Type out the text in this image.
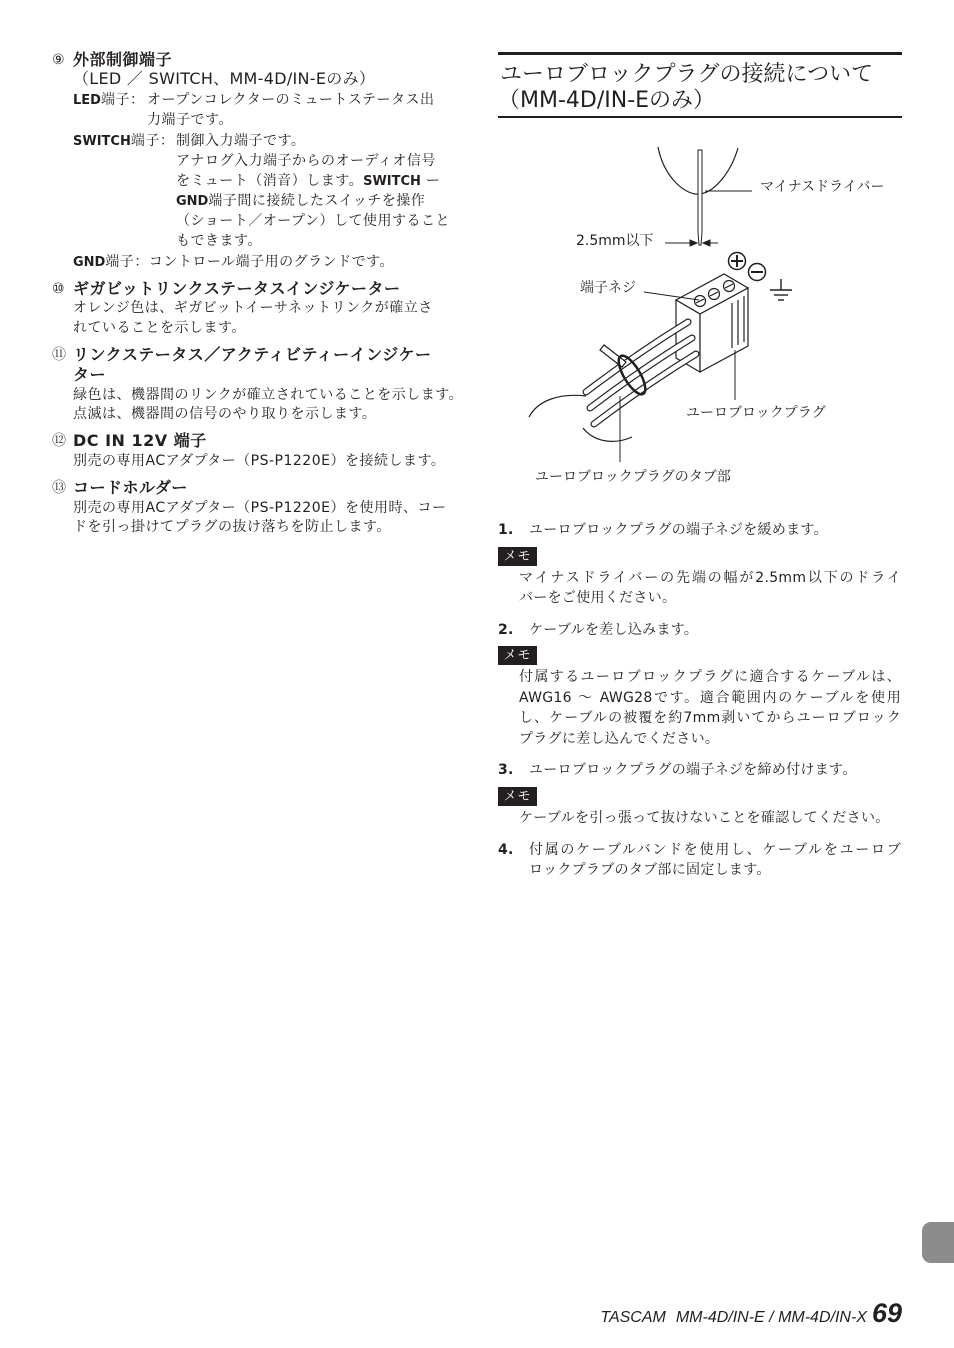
⑨ 外部制御端子
（LED ／ SWITCH、MM-4D/IN-Eのみ）
LED端子： オープンコレクターのミュートステータス出
力端子です。
SWITCH端子： 制御入力端子です。
アナログ入力端子からのオーディオ信号
をミュート（消音）します。SWITCH ー
GND端子間に接続したスイッチを操作
（ショート／オープン）して使用すること
もできます。
GND端子：コントロール端子用のグランドです。
⑩ ギガビットリンクステータスインジケーター
オレンジ色は、ギガビットイーサネットリンクが確立さ
れていることを示します。
⑪ リンクステータス／アクティビティーインジケー
ター
緑色は、機器間のリンクが確立されていることを示します。
点滅は、機器間の信号のやり取りを示します。
⑫ DC IN 12V 端子
別売の専用ACアダプター（PS-P1220E）を接続します。
⑬ コードホルダー
別売の専用ACアダプター（PS-P1220E）を使用時、コー
ドを引っ掛けてプラグの抜け落ちを防止します。
ユーロブロックプラグの接続について
（MM-4D/IN-Eのみ）
マイナスドライバー
2.5mm以下
端子ネジ
ユーロブロックプラグ
ユーロブロックプラグのタブ部
1. ユーロブロックプラグの端子ネジを緩めます。
メモ
マイナスドライバーの先端の幅が2.5mm以下のドライ
バーをご使用ください。
2. ケーブルを差し込みます。
メモ
付属するユーロブロックプラグに適合するケーブルは、
AWG16 ～ AWG28です。適合範囲内のケーブルを使用
し、ケーブルの被覆を約7mm剥いてからユーロブロック
プラグに差し込んでください。
3. ユーロブロックプラグの端子ネジを締め付けます。
メモ
ケーブルを引っ張って抜けないことを確認してください。
4. 付属のケーブルバンドを使用し、ケーブルをユーロブ
ロックプラブのタブ部に固定します。
TASCAM MM-4D/IN-E / MM-4D/IN-X 69
